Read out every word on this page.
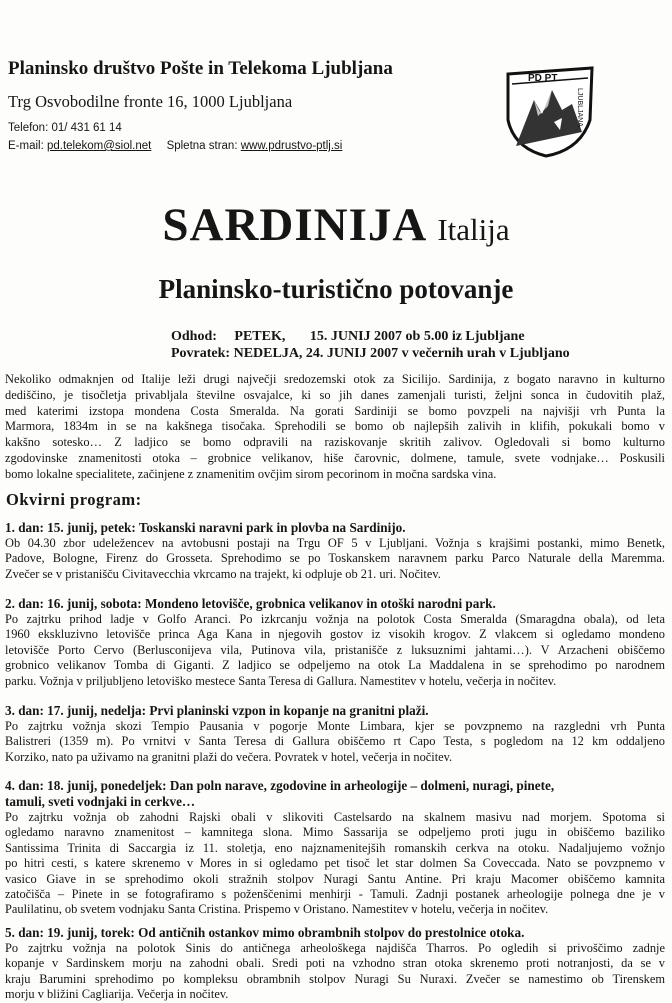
Planinsko društvo Pošte in Telekoma Ljubljana
Trg Osvobodilne fronte 16, 1000 Ljubljana
Telefon: 01/ 431 61 14
E-mail: pd.telekom@siol.net Spletna stran: www.pdrustvo-ptlj.si
PD PT
LJUBLJANA
SARDINIJA Italija
Planinsko-turistično potovanje
Odhod:     PETEK,       15. JUNIJ 2007 ob 5.00 iz Ljubljane
Povratek: NEDELJA, 24. JUNIJ 2007 v večernih urah v Ljubljano
Nekoliko odmaknjen od Italije leži drugi največji sredozemski otok za Sicilijo. Sardinija, z bogato naravno in kulturno
dediščino, je tisočletja privabljala številne osvajalce, ki so jih danes zamenjali turisti, željni sonca in čudovitih plaž,
med katerimi izstopa mondena Costa Smeralda. Na gorati Sardiniji se bomo povzpeli na najvišji vrh Punta la
Marmora, 1834m in se na kakšnega tisočaka. Sprehodili se bomo ob najlepših zalivih in klifih, pokukali bomo v
kakšno sotesko… Z ladjico se bomo odpravili na raziskovanje skritih zalivov. Ogledovali si bomo kulturno
zgodovinske znamenitosti otoka – grobnice velikanov, hiše čarovnic, dolmene, tamule, svete vodnjake… Poskusili
bomo lokalne specialitete, začinjene z znamenitim ovčjim sirom pecorinom in močna sardska vina.
Okvirni program:
1. dan: 15. junij, petek: Toskanski naravni park in plovba na Sardinijo.
Ob 04.30 zbor udeležencev na avtobusni postaji na Trgu OF 5 v Ljubljani. Vožnja s krajšimi postanki, mimo Benetk,
Padove, Bologne, Firenz do Grosseta. Sprehodimo se po Toskanskem naravnem parku Parco Naturale della Maremma.
Zvečer se v pristanišču Civitavecchia vkrcamo na trajekt, ki odpluje ob 21. uri. Nočitev.
2. dan: 16. junij, sobota: Mondeno letovišče, grobnica velikanov in otoški narodni park.
Po zajtrku prihod ladje v Golfo Aranci. Po izkrcanju vožnja na polotok Costa Smeralda (Smaragdna obala), od leta
1960 ekskluzivno letovišče princa Aga Kana in njegovih gostov iz visokih krogov. Z vlakcem si ogledamo mondeno
letovišče Porto Cervo (Berlusconijeva vila, Putinova vila, pristanišče z luksuznimi jahtami…). V Arzacheni obiščemo
grobnico velikanov Tomba di Giganti. Z ladjico se odpeljemo na otok La Maddalena in se sprehodimo po narodnem
parku. Vožnja v priljubljeno letoviško mestece Santa Teresa di Gallura. Namestitev v hotelu, večerja in nočitev.
3. dan: 17. junij, nedelja: Prvi planinski vzpon in kopanje na granitni plaži.
Po zajtrku vožnja skozi Tempio Pausania v pogorje Monte Limbara, kjer se povzpnemo na razgledni vrh Punta
Balistreri (1359 m). Po vrnitvi v Santa Teresa di Gallura obiščemo rt Capo Testa, s pogledom na 12 km oddaljeno
Korziko, nato pa uživamo na granitni plaži do večera. Povratek v hotel, večerja in nočitev.
4. dan: 18. junij, ponedeljek: Dan poln narave, zgodovine in arheologije – dolmeni, nuragi, pinete,
tamuli, sveti vodnjaki in cerkve…
Po zajtrku vožnja ob zahodni Rajski obali v slikoviti Castelsardo na skalnem masivu nad morjem. Spotoma si
ogledamo naravno znamenitost – kamnitega slona. Mimo Sassarija se odpeljemo proti jugu in obiščemo baziliko
Santissima Trinita di Saccargia iz 11. stoletja, eno najznamenitejših romanskih cerkva na otoku. Nadaljujemo vožnjo
po hitri cesti, s katere skrenemo v Mores in si ogledamo pet tisoč let star dolmen Sa Coveccada. Nato se povzpnemo v
vasico Giave in se sprehodimo okoli stražnih stolpov Nuragi Santu Antine. Pri kraju Macomer obiščemo kamnita
zatočišča – Pinete in se fotografiramo s poženščenimi menhirji - Tamuli. Zadnji postanek arheologije polnega dne je v
Paulilatinu, ob svetem vodnjaku Santa Cristina. Prispemo v Oristano. Namestitev v hotelu, večerja in nočitev.
5. dan: 19. junij, torek: Od antičnih ostankov mimo obrambnih stolpov do prestolnice otoka.
Po zajtrku vožnja na polotok Sinis do antičnega arheološkega najdišča Tharros. Po ogledih si privoščimo zadnje
kopanje v Sardinskem morju na zahodni obali. Sredi poti na vzhodno stran otoka skrenemo proti notranjosti, da se v
kraju Barumini sprehodimo po kompleksu obrambnih stolpov Nuragi Su Nuraxi. Zvečer se namestimo ob Tirenskem
morju v bližini Cagliarija. Večerja in nočitev.
